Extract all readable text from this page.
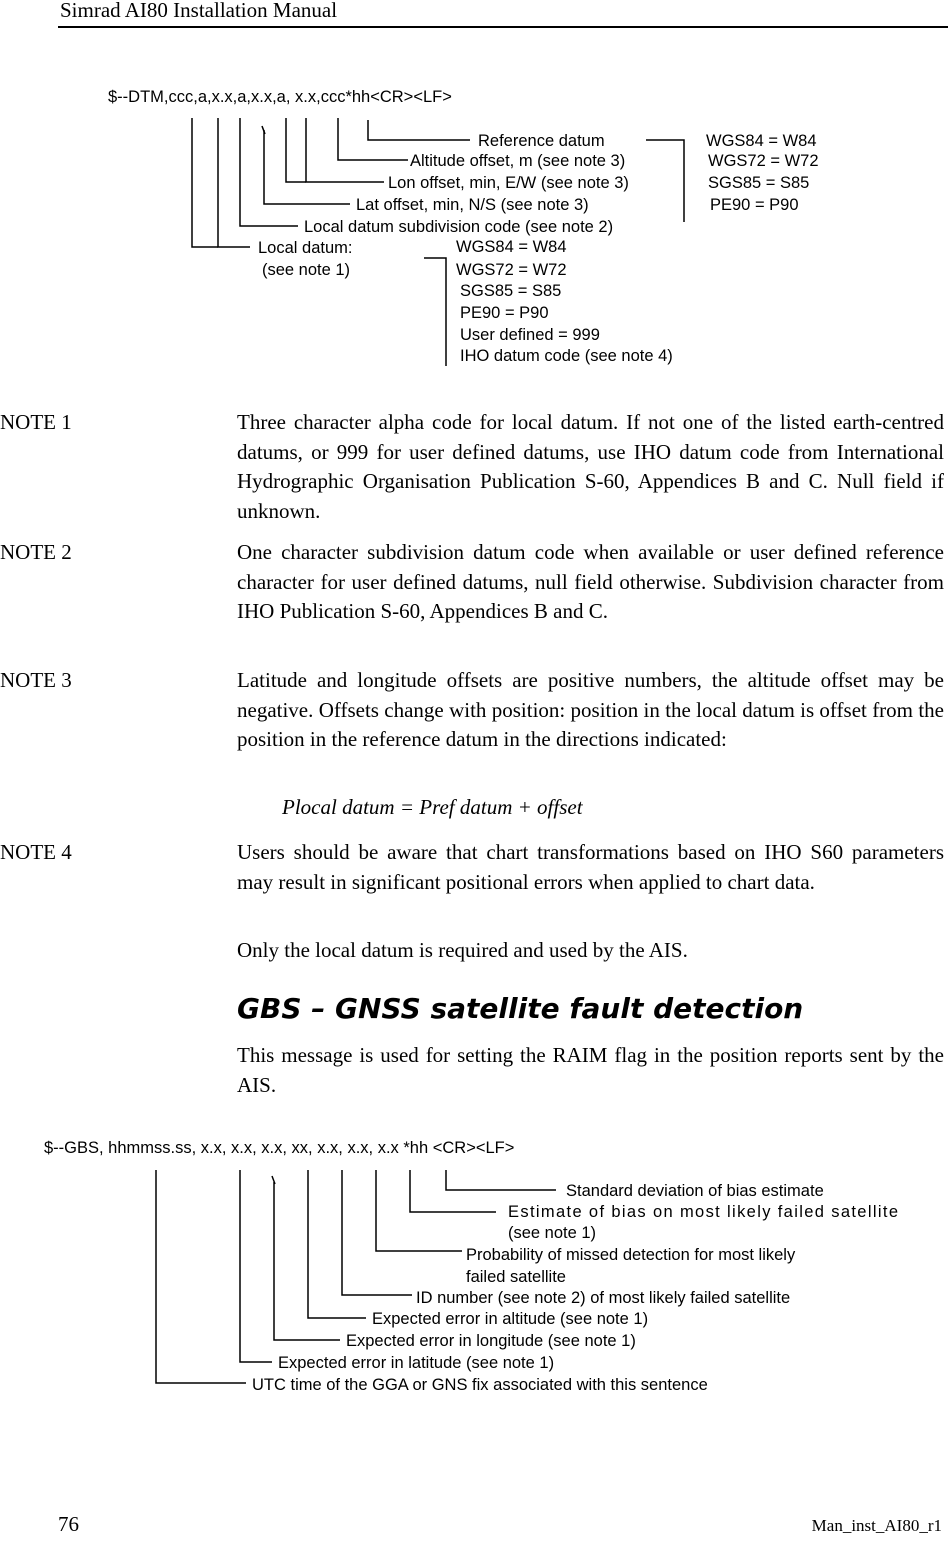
Simrad AI80 Installation Manual
$--DTM,ccc,a,x.x,a,x.x,a, x.x,ccc*hh<CR><LF>
Reference datum
Altitude offset, m (see note 3)
Lon offset, min, E/W (see note 3)
Lat offset, min, N/S (see note 3)
Local datum subdivision code (see note 2)
Local datum:
(see note 1)
WGS84 = W84
WGS72 = W72
SGS85 = S85
PE90 = P90
WGS84 = W84
WGS72 = W72
SGS85 = S85
PE90 = P90
User defined = 999
IHO datum code (see note 4)
NOTE 1	Three character alpha code for local datum. If not one of the listed earth-centred datums, or 999 for user defined datums, use IHO datum code from International Hydrographic Organisation Publication S-60, Appendices B and C. Null field if unknown.
NOTE 2	One character subdivision datum code when available or user defined reference character for user defined datums, null field otherwise. Subdivision character from IHO Publication S-60, Appendices B and C.
NOTE 3	Latitude and longitude offsets are positive numbers, the altitude offset may be negative. Offsets change with position: position in the local datum is offset from the position in the reference datum in the directions indicated:
Plocal datum = Pref datum + offset
NOTE 4	Users should be aware that chart transformations based on IHO S60 parameters may result in significant positional errors when applied to chart data.
Only the local datum is required and used by the AIS.
GBS – GNSS satellite fault detection
This message is used for setting the RAIM flag in the position reports sent by the AIS.
$--GBS, hhmmss.ss, x.x, x.x, x.x, xx, x.x, x.x, x.x *hh <CR><LF>
Standard deviation of bias estimate
Estimate of bias on most likely failed satellite
(see note 1)
Probability of missed detection for most likely
failed satellite
ID number (see note 2) of most likely failed satellite
Expected error in altitude (see note 1)
Expected error in longitude (see note 1)
Expected error in latitude (see note 1)
UTC time of the GGA or GNS fix associated with this sentence
76	Man_inst_AI80_r1
